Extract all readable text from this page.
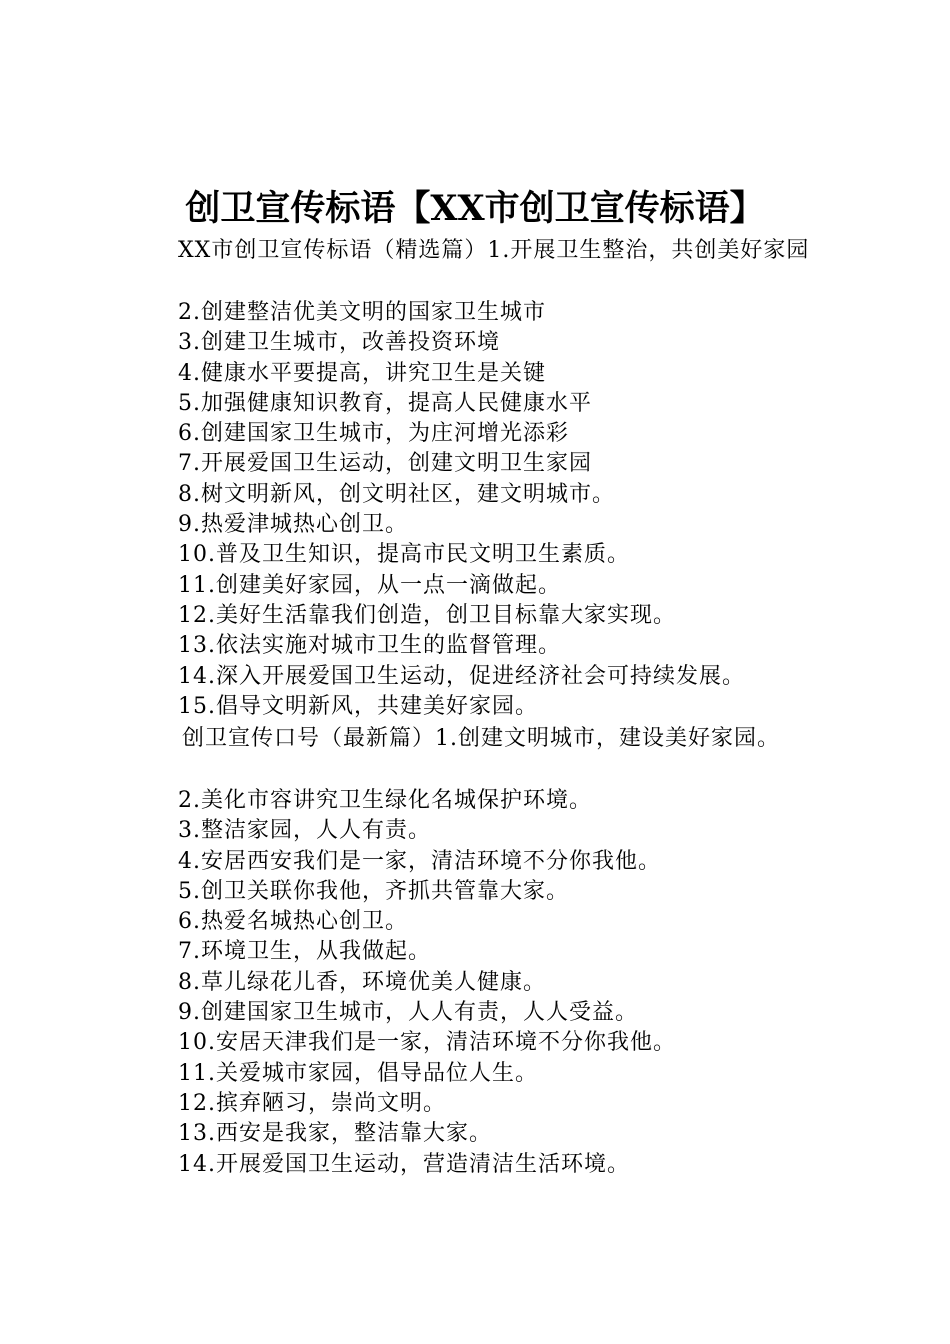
创卫宣传标语【XX市创卫宣传标语】
XX市创卫宣传标语（精选篇）1.开展卫生整治，共创美好家园
2.创建整洁优美文明的国家卫生城市
3.创建卫生城市，改善投资环境
4.健康水平要提高，讲究卫生是关键
5.加强健康知识教育，提高人民健康水平
6.创建国家卫生城市，为庄河增光添彩
7.开展爱国卫生运动，创建文明卫生家园
8.树文明新风，创文明社区，建文明城市。
9.热爱津城热心创卫。
10.普及卫生知识，提高市民文明卫生素质。
11.创建美好家园，从一点一滴做起。
12.美好生活靠我们创造，创卫目标靠大家实现。
13.依法实施对城市卫生的监督管理。
14.深入开展爱国卫生运动，促进经济社会可持续发展。
15.倡导文明新风，共建美好家园。
创卫宣传口号（最新篇）1.创建文明城市，建设美好家园。
2.美化市容讲究卫生绿化名城保护环境。
3.整洁家园，人人有责。
4.安居西安我们是一家，清洁环境不分你我他。
5.创卫关联你我他，齐抓共管靠大家。
6.热爱名城热心创卫。
7.环境卫生，从我做起。
8.草儿绿花儿香，环境优美人健康。
9.创建国家卫生城市，人人有责，人人受益。
10.安居天津我们是一家，清洁环境不分你我他。
11.关爱城市家园，倡导品位人生。
12.摈弃陋习，崇尚文明。
13.西安是我家，整洁靠大家。
14.开展爱国卫生运动，营造清洁生活环境。
